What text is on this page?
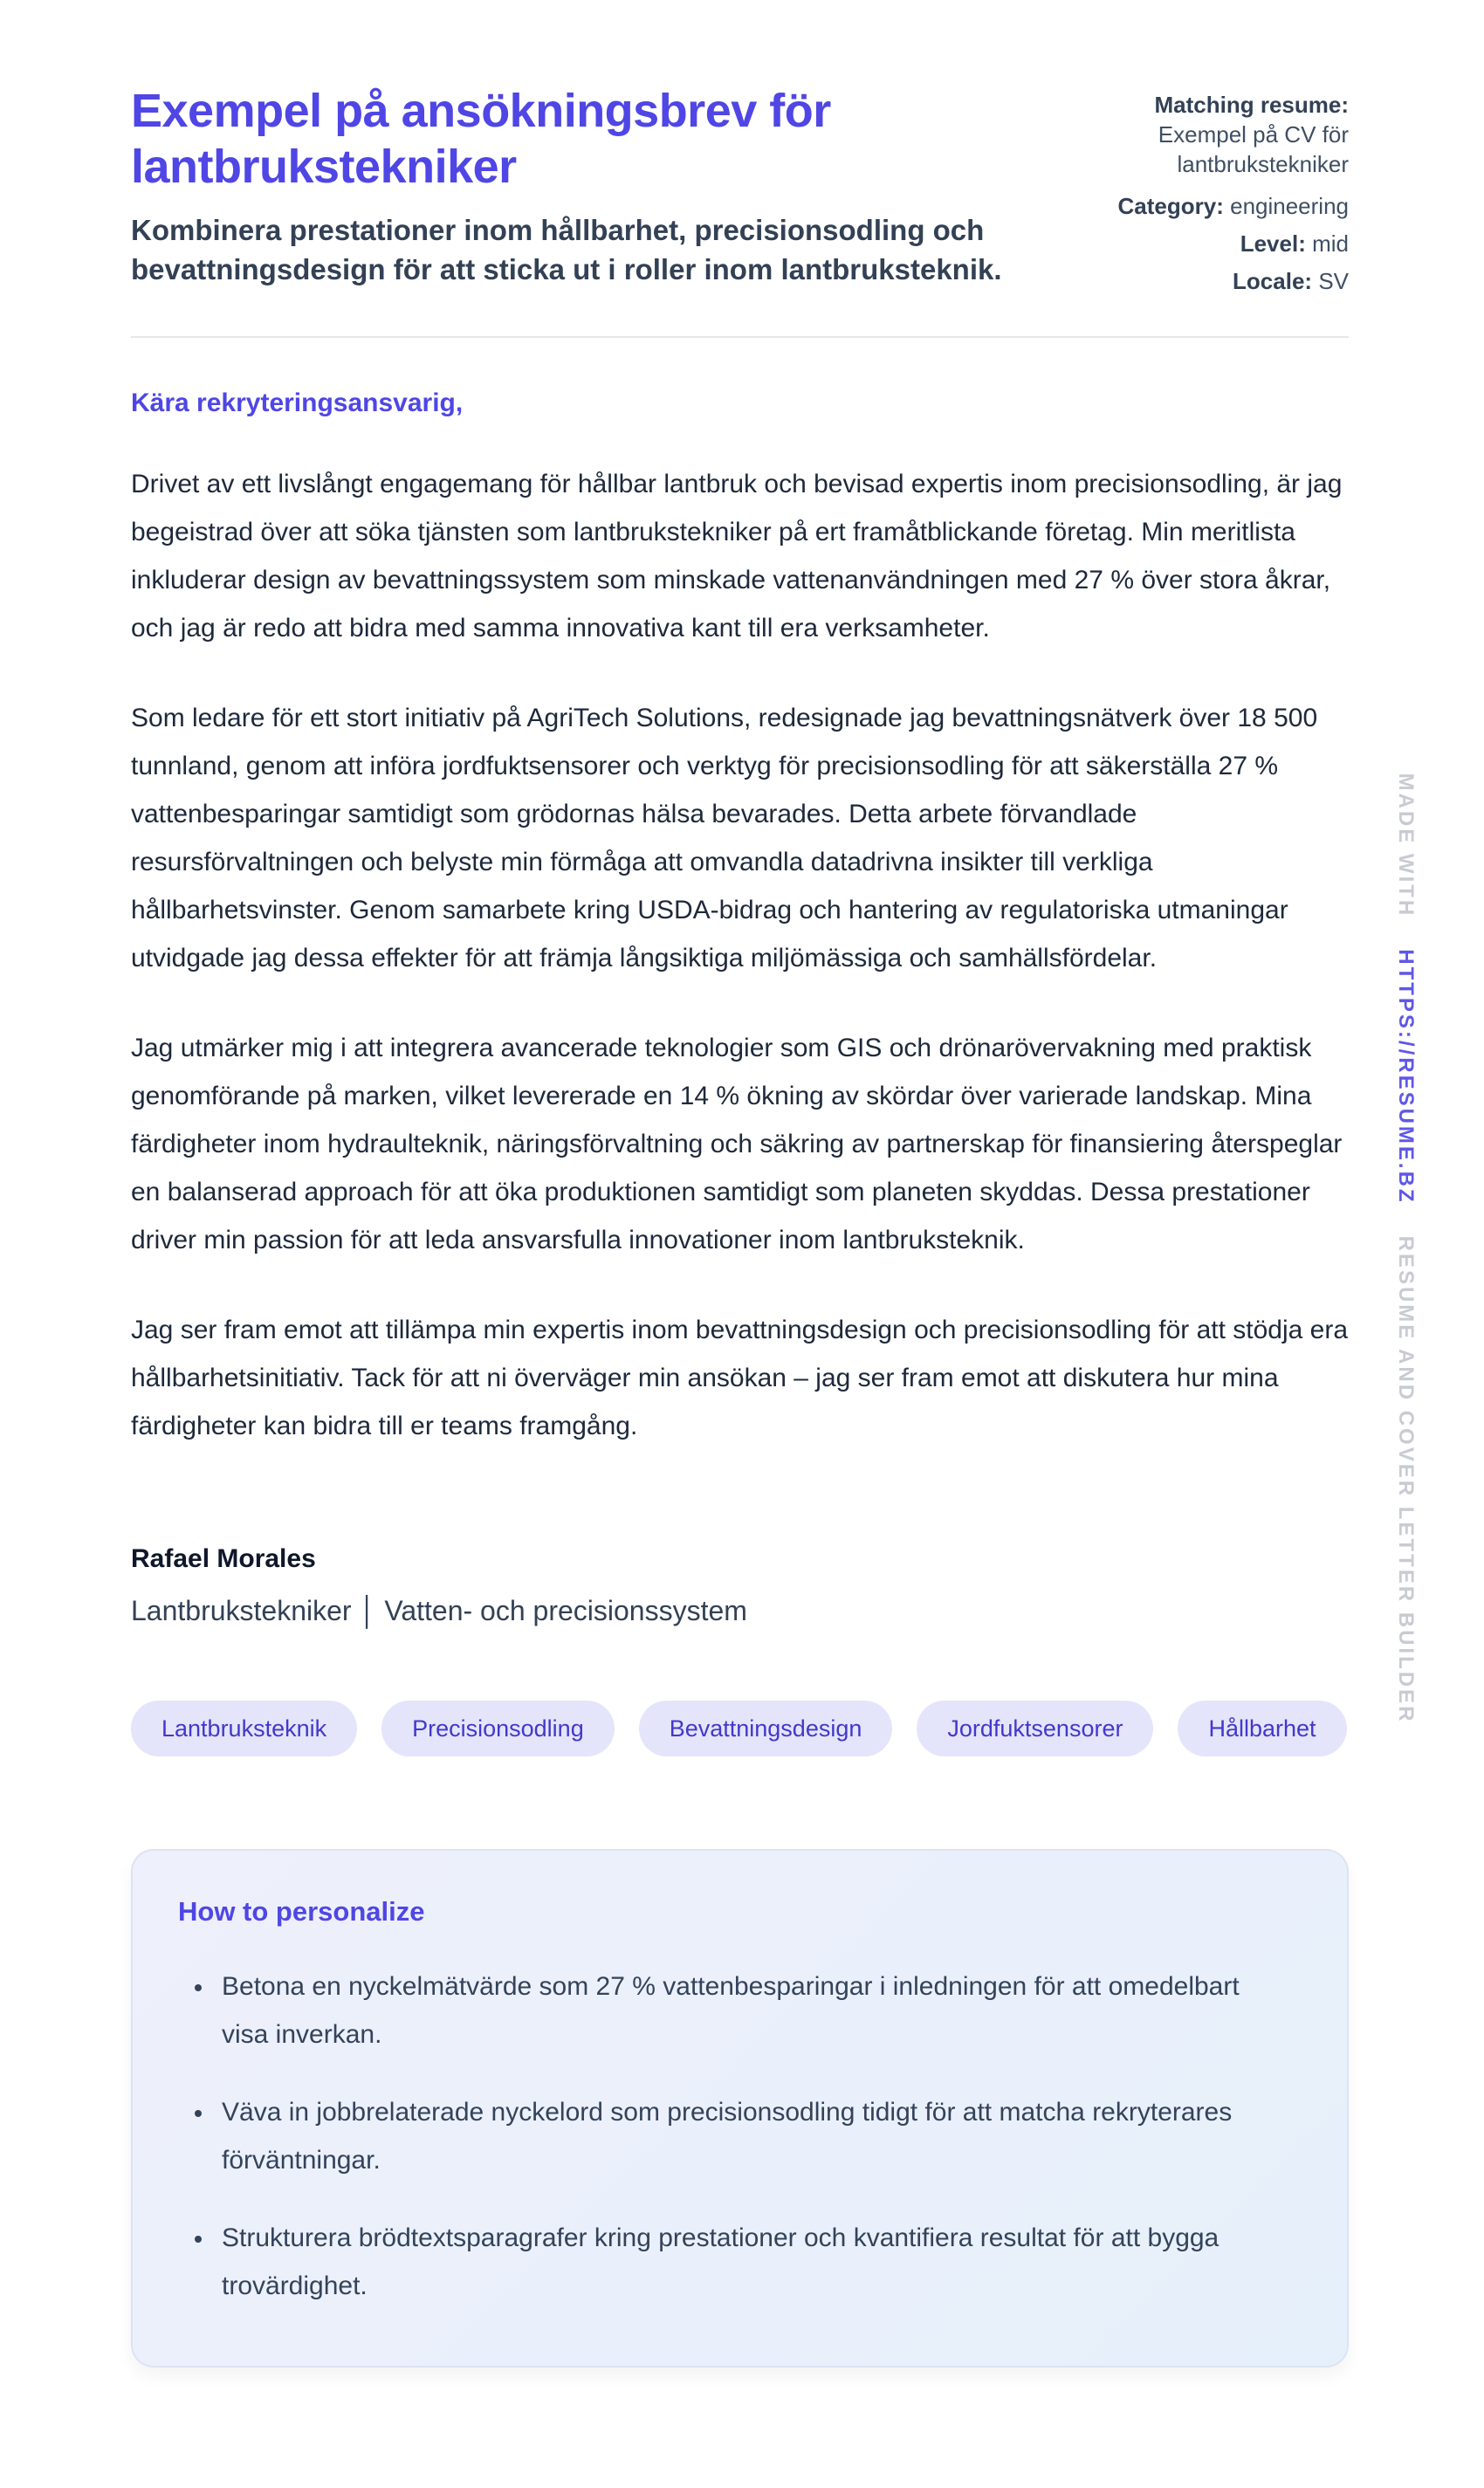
Exempel på ansökningsbrev för lantbrukstekniker

Kombinera prestationer inom hållbarhet, precisionsodling och bevattningsdesign för att sticka ut i roller inom lantbruksteknik.

Matching resume:
Exempel på CV för lantbrukstekniker
Category: engineering
Level: mid
Locale: SV

Kära rekryteringsansvarig,

Drivet av ett livslångt engagemang för hållbar lantbruk och bevisad expertis inom precisionsodling, är jag begeistrad över att söka tjänsten som lantbrukstekniker på ert framåtblickande företag. Min meritlista inkluderar design av bevattningssystem som minskade vattenanvändningen med 27 % över stora åkrar, och jag är redo att bidra med samma innovativa kant till era verksamheter.

Som ledare för ett stort initiativ på AgriTech Solutions, redesignade jag bevattningsnätverk över 18 500 tunnland, genom att införa jordfuktsensorer och verktyg för precisionsodling för att säkerställa 27 % vattenbesparingar samtidigt som grödornas hälsa bevarades. Detta arbete förvandlade resursförvaltningen och belyste min förmåga att omvandla datadrivna insikter till verkliga hållbarhetsvinster. Genom samarbete kring USDA-bidrag och hantering av regulatoriska utmaningar utvidgade jag dessa effekter för att främja långsiktiga miljömässiga och samhällsfördelar.

Jag utmärker mig i att integrera avancerade teknologier som GIS och drönarövervakning med praktisk genomförande på marken, vilket levererade en 14 % ökning av skördar över varierade landskap. Mina färdigheter inom hydraulteknik, näringsförvaltning och säkring av partnerskap för finansiering återspeglar en balanserad approach för att öka produktionen samtidigt som planeten skyddas. Dessa prestationer driver min passion för att leda ansvarsfulla innovationer inom lantbruksteknik.

Jag ser fram emot att tillämpa min expertis inom bevattningsdesign och precisionsodling för att stödja era hållbarhetsinitiativ. Tack för att ni överväger min ansökan – jag ser fram emot att diskutera hur mina färdigheter kan bidra till er teams framgång.

Rafael Morales

Lantbrukstekniker │ Vatten- och precisionssystem

Lantbruksteknik	Precisionsodling	Bevattningsdesign	Jordfuktsensorer	Hållbarhet
How to personalize
• Betona en nyckelmätvärde som 27 % vattenbesparingar i inledningen för att omedelbart visa inverkan.
• Väva in jobbrelaterade nyckelord som precisionsodling tidigt för att matcha rekryterares förväntningar.
• Strukturera brödtextsparagrafer kring prestationer och kvantifiera resultat för att bygga trovärdighet.
MADE WITHHTTPS://RESUME.BZRESUME AND COVER LETTER BUILDER
